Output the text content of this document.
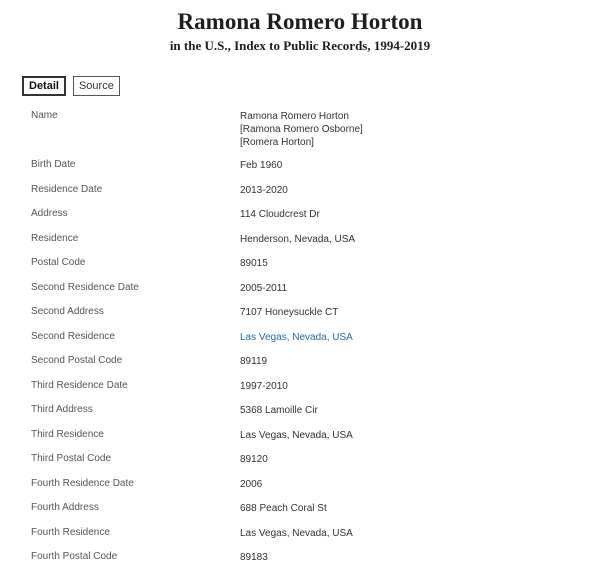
Ramona Romero Horton
in the U.S., Index to Public Records, 1994-2019
Detail	Source
Name	Ramona Romero Horton
[Ramona Romero Osborne]
[Romera Horton]
Birth Date	Feb 1960
Residence Date	2013-2020
Address	114 Cloudcrest Dr
Residence	Henderson, Nevada, USA
Postal Code	89015
Second Residence Date	2005-2011
Second Address	7107 Honeysuckle CT
Second Residence	Las Vegas, Nevada, USA
Second Postal Code	89119
Third Residence Date	1997-2010
Third Address	5368 Lamoille Cir
Third Residence	Las Vegas, Nevada, USA
Third Postal Code	89120
Fourth Residence Date	2006
Fourth Address	688 Peach Coral St
Fourth Residence	Las Vegas, Nevada, USA
Fourth Postal Code	89183
